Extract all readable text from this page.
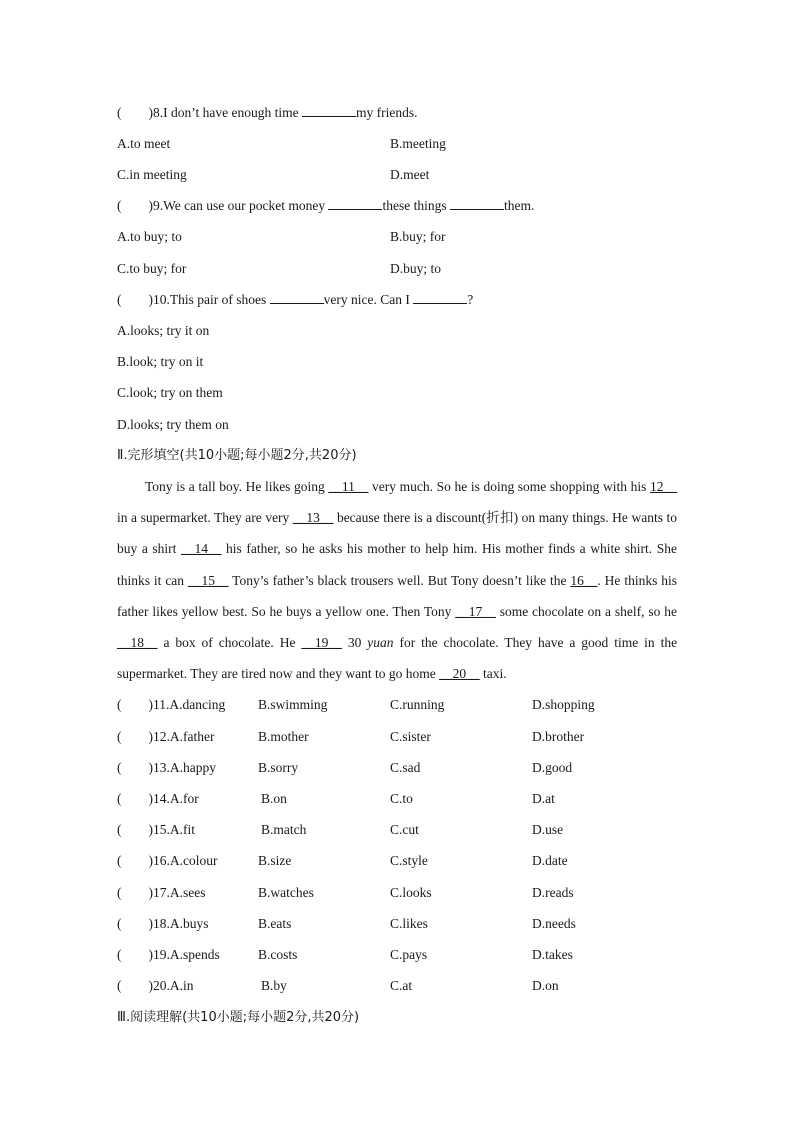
(　　)8.I don’t have enough time	my friends.
A.to meet	B.meeting
C.in meeting	D.meet
(　　)9.We can use our pocket money	these things	them.
A.to buy; to	B.buy; for
C.to buy; for	D.buy; to
(　　)10.This pair of shoes	very nice. Can I	?
A.looks; try it on
B.look; try on it
C.look; try on them
D.looks; try them on
Ⅱ.完形填空(共10小题;每小题2分,共20分)
Tony is a tall boy. He likes going __11__ very much. So he is doing some shopping with his 12__ in a supermarket. They are very __13__ because there is a discount(折扣) on many things. He wants to buy a shirt __14__ his father, so he asks his mother to help him. His mother finds a white shirt. She thinks it can __15__ Tony’s father’s black trousers well. But Tony doesn’t like the 16__. He thinks his father likes yellow best. So he buys a yellow one. Then Tony __17__ some chocolate on a shelf, so he __18__ a box of chocolate. He __19__ 30 yuan for the chocolate. They have a good time in the supermarket. They are tired now and they want to go home __20__ taxi.
(　　)11.A.dancing B.swimming	C.running	D.shopping
(　　)12.A.father	B.mother	C.sister	D.brother
(　　)13.A.happy	B.sorry	C.sad	D.good
(　　)14.A.for	B.on	C.to	D.at
(　　)15.A.fit	B.match	C.cut	D.use
(　　)16.A.colour	B.size	C.style	D.date
(　　)17.A.sees	B.watches	C.looks	D.reads
(　　)18.A.buys	B.eats	C.likes	D.needs
(　　)19.A.spends	B.costs	C.pays	D.takes
(　　)20.A.in	B.by	C.at	D.on
Ⅲ.阅读理解(共10小题;每小题2分,共20分)
